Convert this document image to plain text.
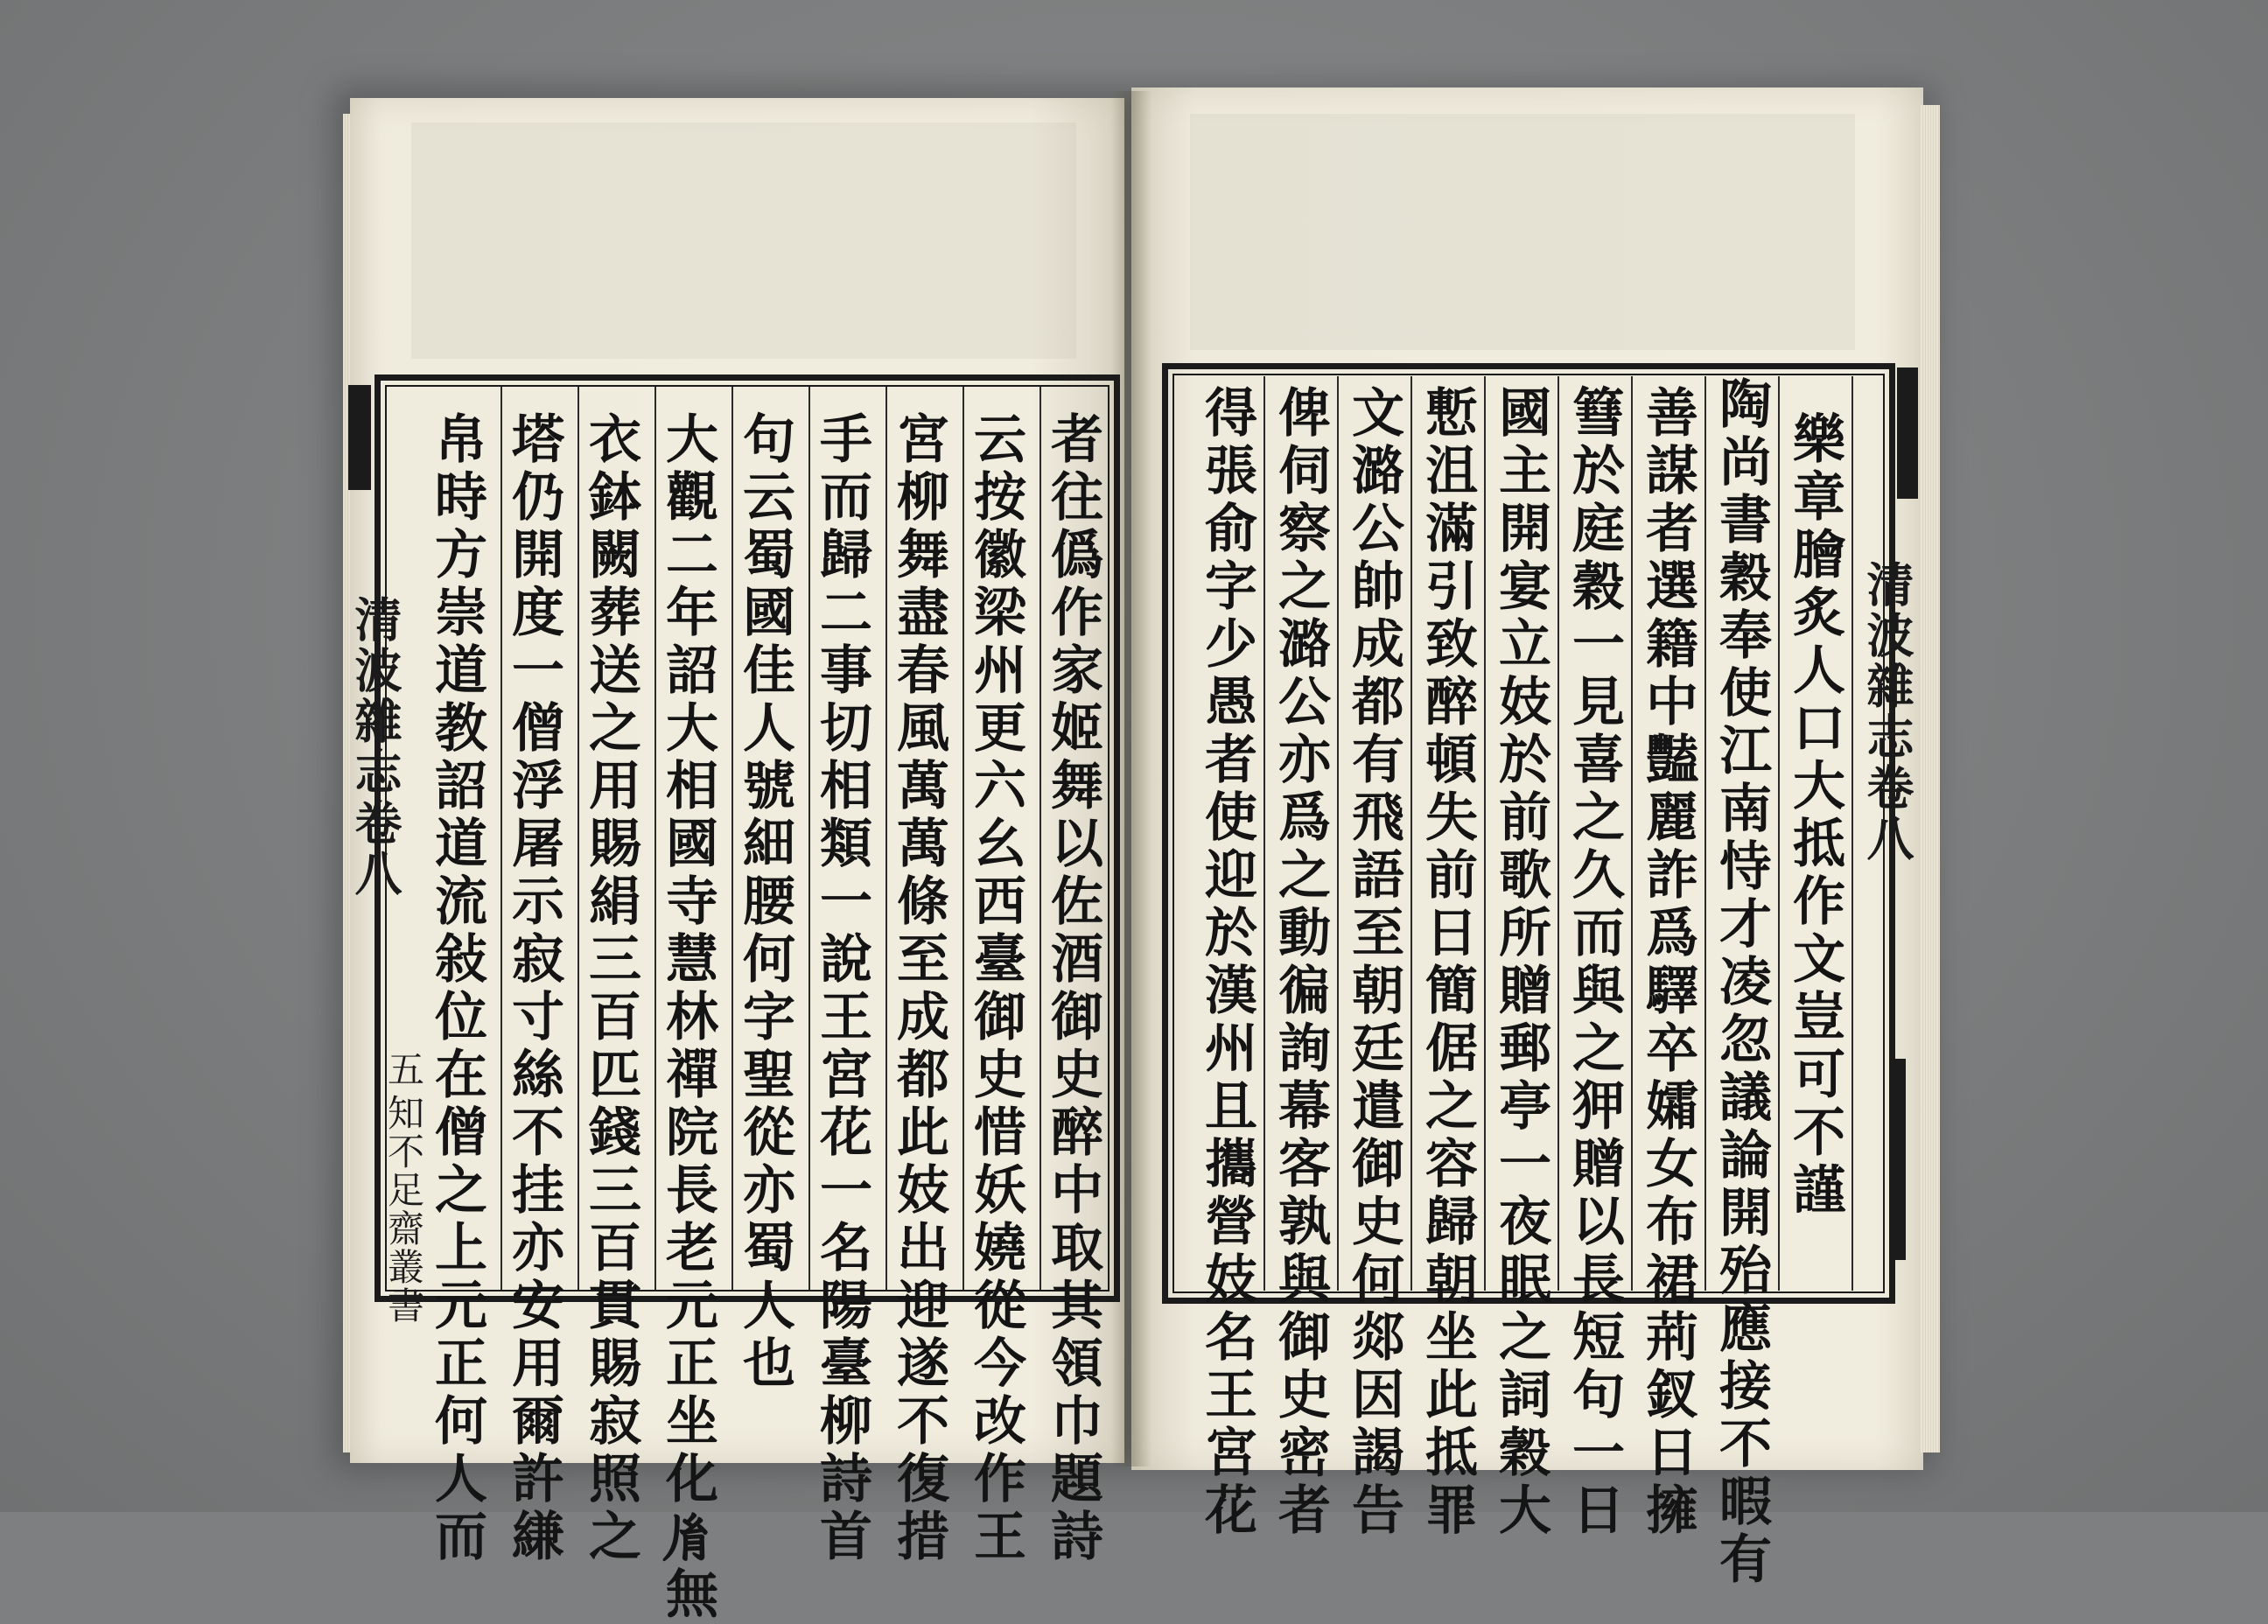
者往僞作家姬舞以佐酒御史醉中取其領巾題詩
云按徽梁州更六幺西臺御史惜妖嬈從今改作王
宮柳舞盡春風萬萬條至成都此妓出迎遂不復措
手而歸二事切相類一說王宮花一名陽臺柳詩首
句云蜀國佳人號細腰何字聖從亦蜀人也
大觀二年詔大相國寺慧林禪院長老元正坐化𦙍無
衣鉢闕葬送之用賜絹三百匹錢三百貫賜寂照之
塔仍開度一僧浮屠示寂寸絲不挂亦安用爾許縑
帛時方崇道教詔道流敍位在僧之上元正何人而
清波雜志卷八
五
知不足齋叢書	樂章膾炙人口大抵作文豈可不謹
陶尚書穀奉使江南恃才凌忽議論開殆應接不暇有
善謀者選籍中豔麗詐爲驛卒孀女布裙荊釵日擁
篲於庭穀一見喜之久而與之狎贈以長短句一日
國主開宴立妓於前歌所贈郵亭一夜眠之詞穀大
慙沮滿引致醉頓失前日簡倨之容歸朝坐此抵罪
文潞公帥成都有飛語至朝廷遣御史何郯因謁告
俾伺察之潞公亦爲之動徧詢幕客孰與御史密者
得張俞字少愚者使迎於漢州且攜營妓名王宮花	清波雜志卷八
